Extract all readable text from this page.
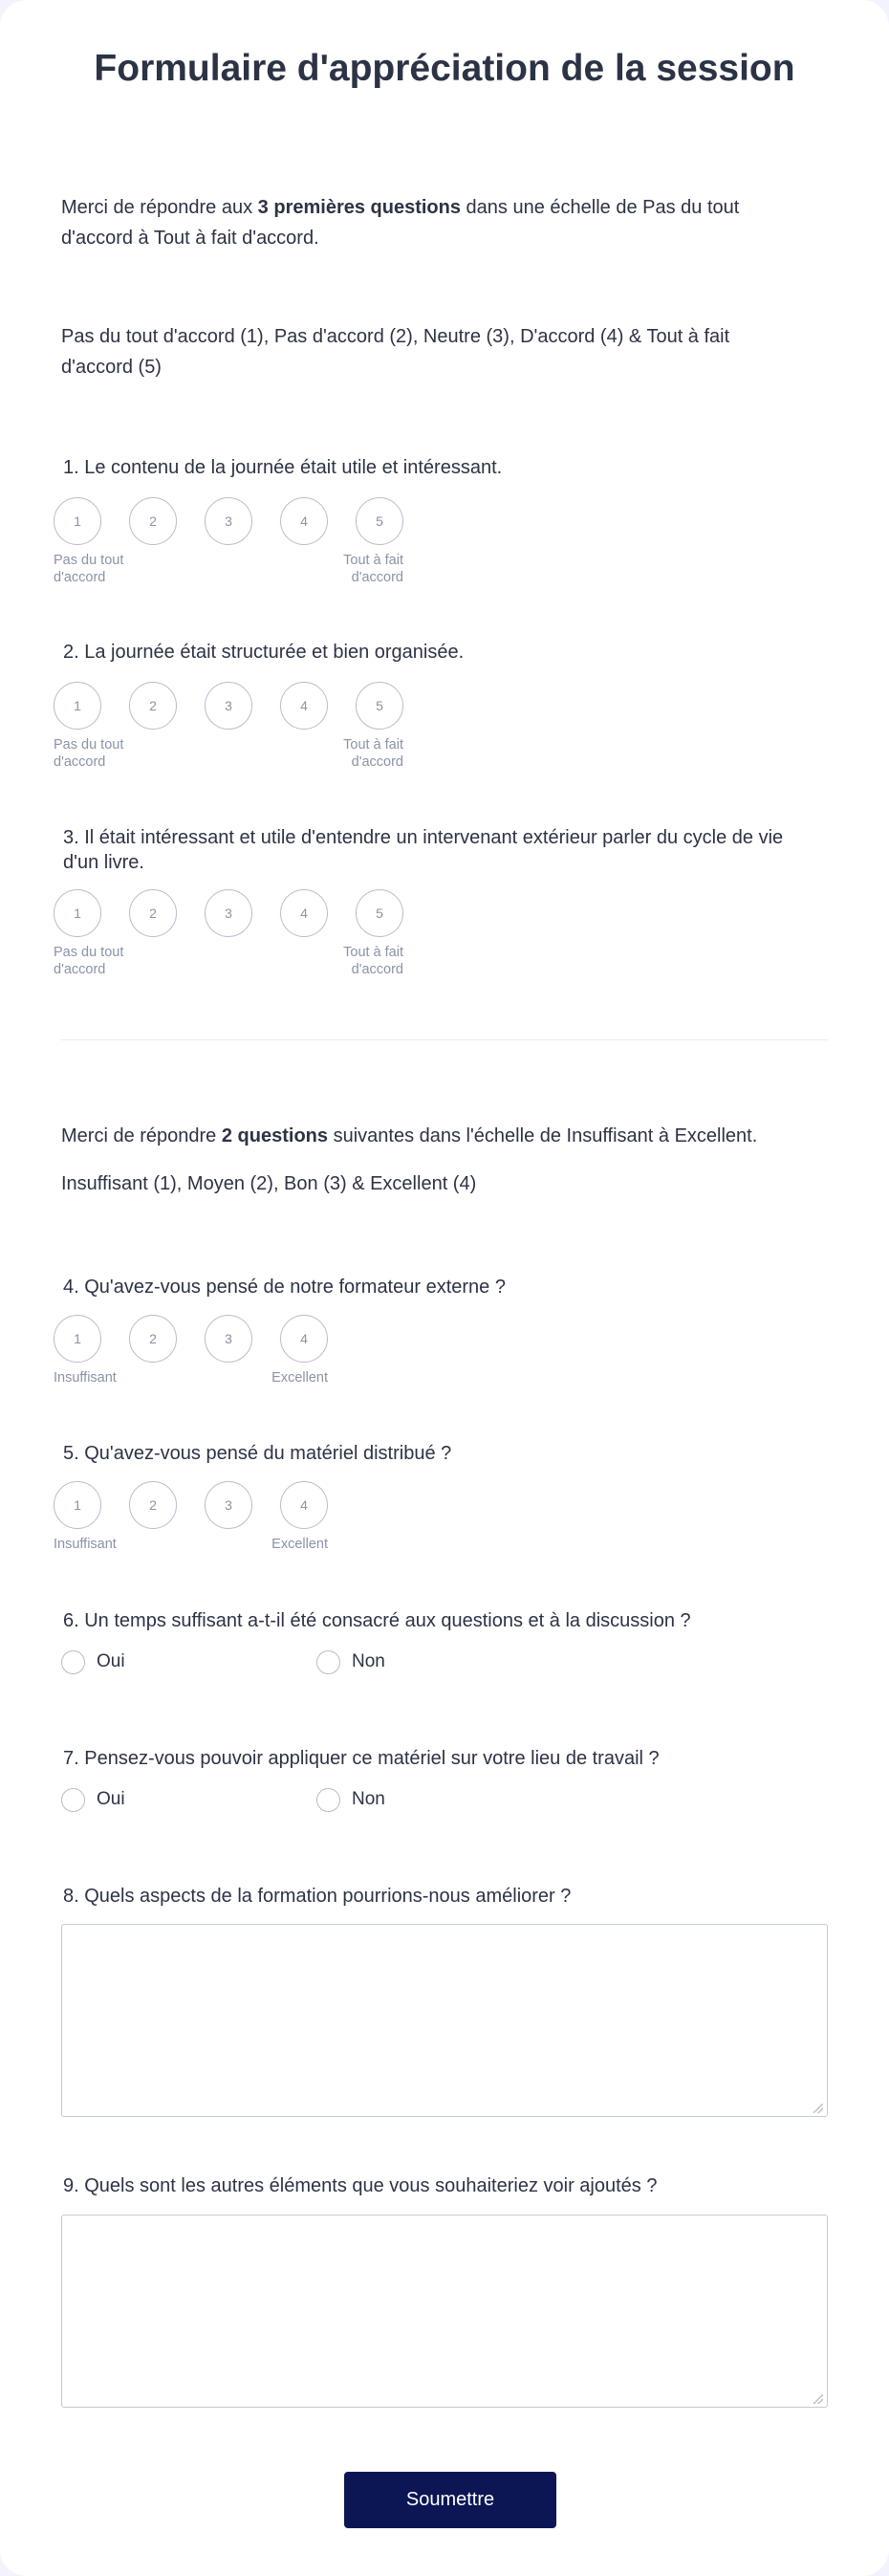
Formulaire d'appréciation de la session

Merci de répondre aux 3 premières questions dans une échelle de Pas du tout d'accord à Tout à fait d'accord.

Pas du tout d'accord (1), Pas d'accord (2), Neutre (3), D'accord (4) & Tout à fait d'accord (5)

1. Le contenu de la journée était utile et intéressant.
1	2	3	4	5
Pas du tout d'accord
Tout à fait d'accord
2. La journée était structurée et bien organisée.
1	2	3	4	5
Pas du tout d'accord
Tout à fait d'accord
3. Il était intéressant et utile d'entendre un intervenant extérieur parler du cycle de vie d'un livre.
1	2	3	4	5
Pas du tout d'accord
Tout à fait d'accord

Merci de répondre 2 questions suivantes dans l'échelle de Insuffisant à Excellent.

Insuffisant (1), Moyen (2), Bon (3) & Excellent (4)

4. Qu'avez-vous pensé de notre formateur externe ?
1	2	3	4
Insuffisant	Excellent
5. Qu'avez-vous pensé du matériel distribué ?
1	2	3	4
Insuffisant	Excellent
6. Un temps suffisant a-t-il été consacré aux questions et à la discussion ?
Oui	Non
7. Pensez-vous pouvoir appliquer ce matériel sur votre lieu de travail ?
Oui	Non
8. Quels aspects de la formation pourrions-nous améliorer ?
9. Quels sont les autres éléments que vous souhaiteriez voir ajoutés ?
Soumettre
